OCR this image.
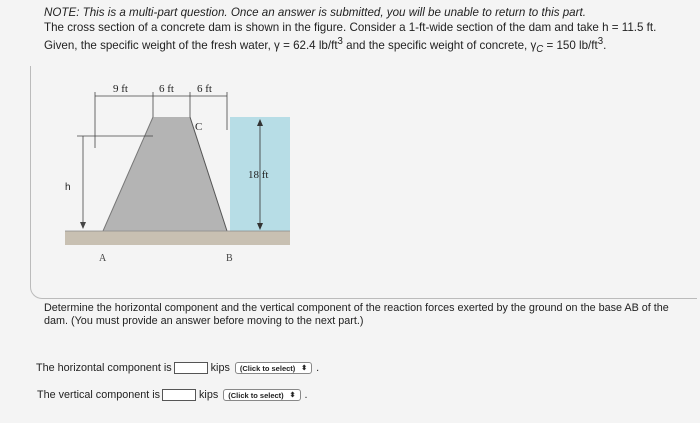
NOTE: This is a multi-part question. Once an answer is submitted, you will be unable to return to this part.

The cross section of a concrete dam is shown in the figure. Consider a 1-ft-wide section of the dam and take h = 11.5 ft.

Given, the specific weight of the fresh water, γ = 62.4 $lb/ft^3$ and the specific weight of concrete, $\gamma_C = 150$ $lb/ft^3$.

9 ft	6 ft 6 ft
C
h
18 ft
A	B
Determine the horizontal component and the vertical component of the reaction forces exerted by the ground on the base AB of the dam. (You must provide an answer before moving to the next part.)
The horizontal component is	kips (Click to select) ⬍ .
The vertical component is	kips (Click to select) ⬍ .
